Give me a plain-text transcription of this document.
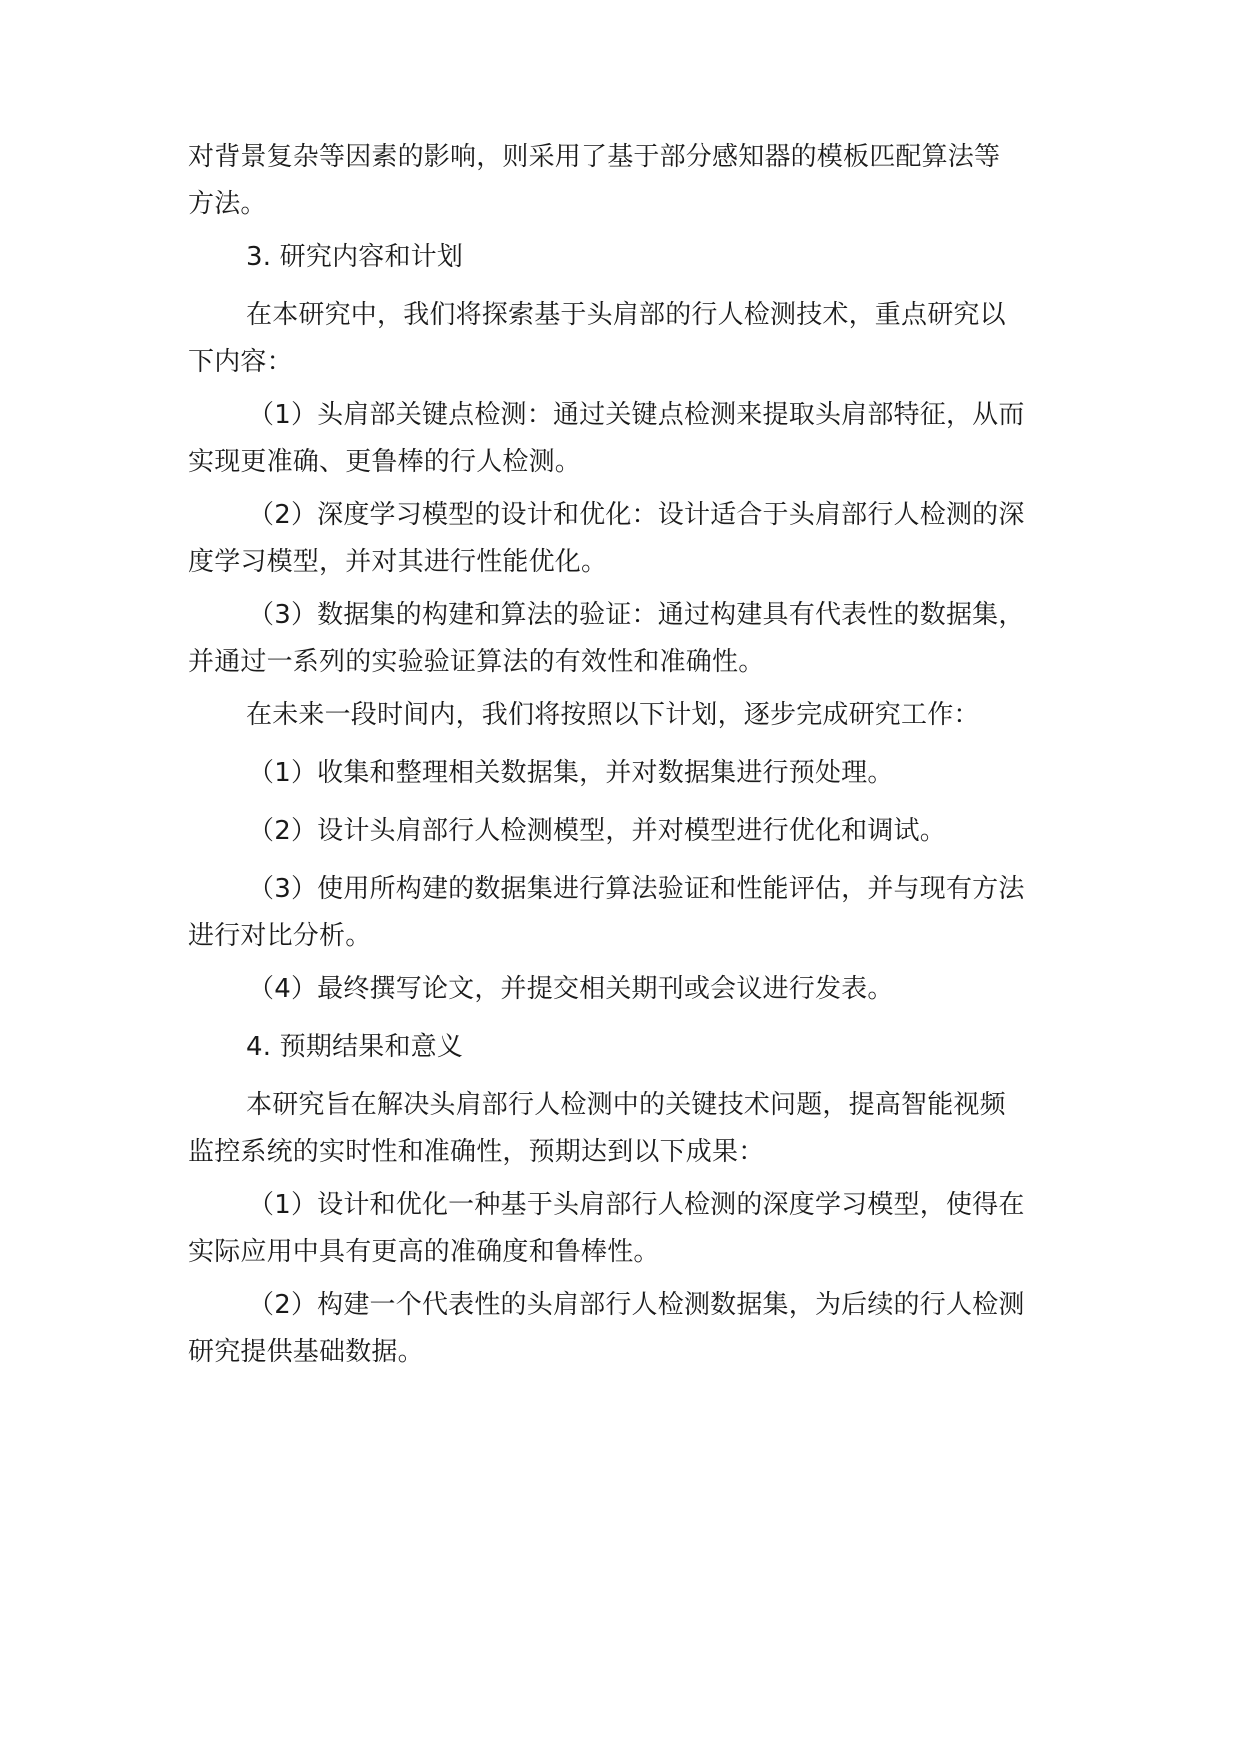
对背景复杂等因素的影响，则采用了基于部分感知器的模板匹配算法等
方法。

3. 研究内容和计划

在本研究中，我们将探索基于头肩部的行人检测技术，重点研究以
下内容：

（1）头肩部关键点检测：通过关键点检测来提取头肩部特征，从而
实现更准确、更鲁棒的行人检测。

（2）深度学习模型的设计和优化：设计适合于头肩部行人检测的深
度学习模型，并对其进行性能优化。

（3）数据集的构建和算法的验证：通过构建具有代表性的数据集，
并通过一系列的实验验证算法的有效性和准确性。

在未来一段时间内，我们将按照以下计划，逐步完成研究工作：

（1）收集和整理相关数据集，并对数据集进行预处理。

（2）设计头肩部行人检测模型，并对模型进行优化和调试。

（3）使用所构建的数据集进行算法验证和性能评估，并与现有方法
进行对比分析。

（4）最终撰写论文，并提交相关期刊或会议进行发表。

4. 预期结果和意义

本研究旨在解决头肩部行人检测中的关键技术问题，提高智能视频
监控系统的实时性和准确性，预期达到以下成果：

（1）设计和优化一种基于头肩部行人检测的深度学习模型，使得在
实际应用中具有更高的准确度和鲁棒性。

（2）构建一个代表性的头肩部行人检测数据集，为后续的行人检测
研究提供基础数据。
